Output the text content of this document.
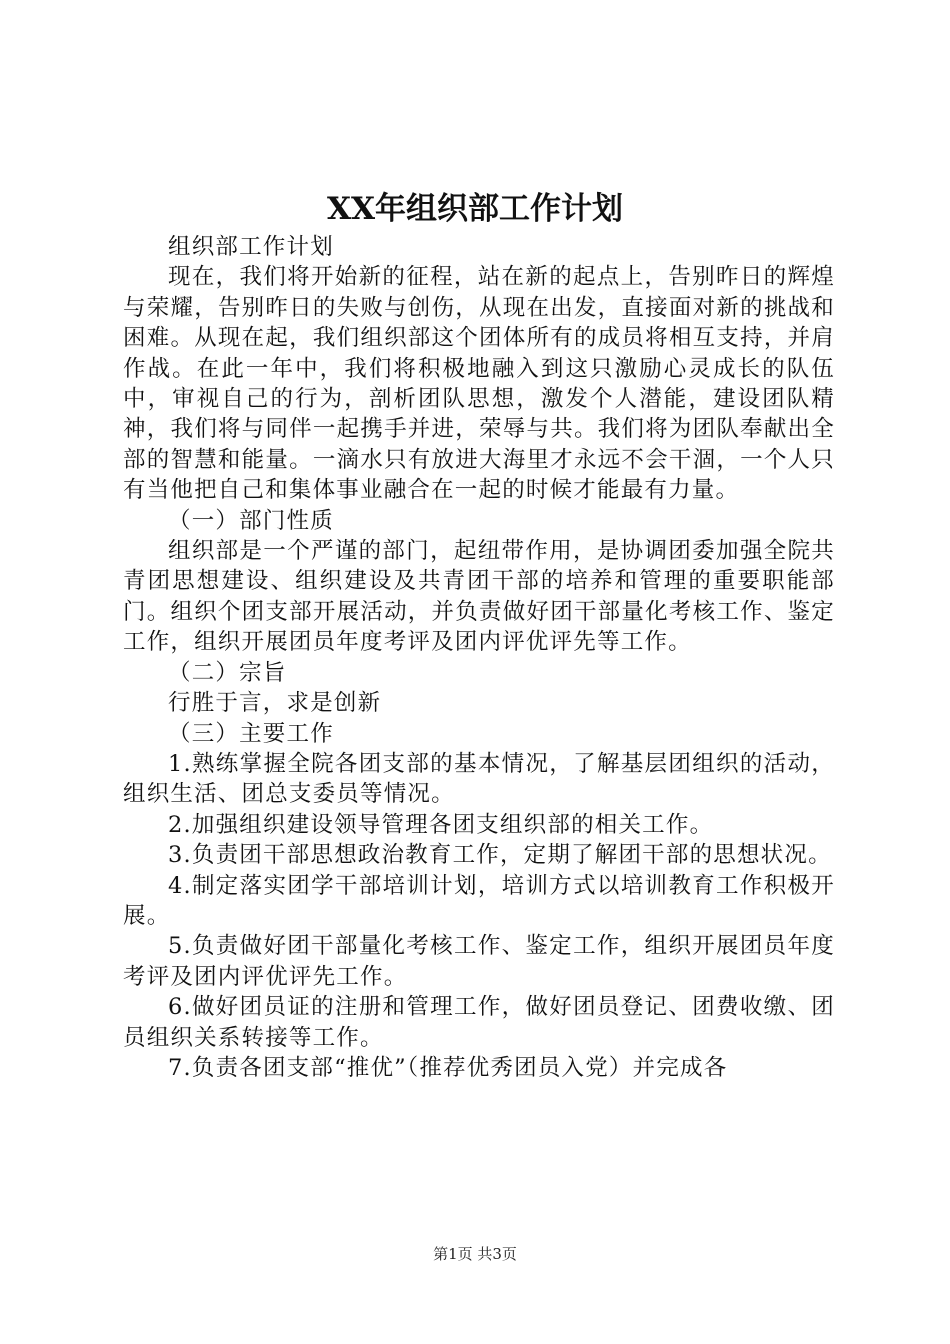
XX年组织部工作计划

组织部工作计划

现在，我们将开始新的征程，站在新的起点上，告别昨日的辉煌与荣耀，告别昨日的失败与创伤，从现在出发，直接面对新的挑战和困难。从现在起，我们组织部这个团体所有的成员将相互支持，并肩作战。在此一年中，我们将积极地融入到这只激励心灵成长的队伍中，审视自己的行为，剖析团队思想，激发个人潜能，建设团队精神，我们将与同伴一起携手并进，荣辱与共。我们将为团队奉献出全部的智慧和能量。一滴水只有放进大海里才永远不会干涸，一个人只有当他把自己和集体事业融合在一起的时候才能最有力量。

（一）部门性质

组织部是一个严谨的部门，起纽带作用，是协调团委加强全院共青团思想建设、组织建设及共青团干部的培养和管理的重要职能部门。组织个团支部开展活动，并负责做好团干部量化考核工作、鉴定工作，组织开展团员年度考评及团内评优评先等工作。

（二）宗旨

行胜于言，求是创新

（三）主要工作

1.熟练掌握全院各团支部的基本情况，了解基层团组织的活动，组织生活、团总支委员等情况。

2.加强组织建设领导管理各团支组织部的相关工作。

3.负责团干部思想政治教育工作，定期了解团干部的思想状况。

4.制定落实团学干部培训计划，培训方式以培训教育工作积极开展。

5.负责做好团干部量化考核工作、鉴定工作，组织开展团员年度考评及团内评优评先工作。

6.做好团员证的注册和管理工作，做好团员登记、团费收缴、团员组织关系转接等工作。

7.负责各团支部“推优”（推荐优秀团员入党）并完成各

第1页 共3页
